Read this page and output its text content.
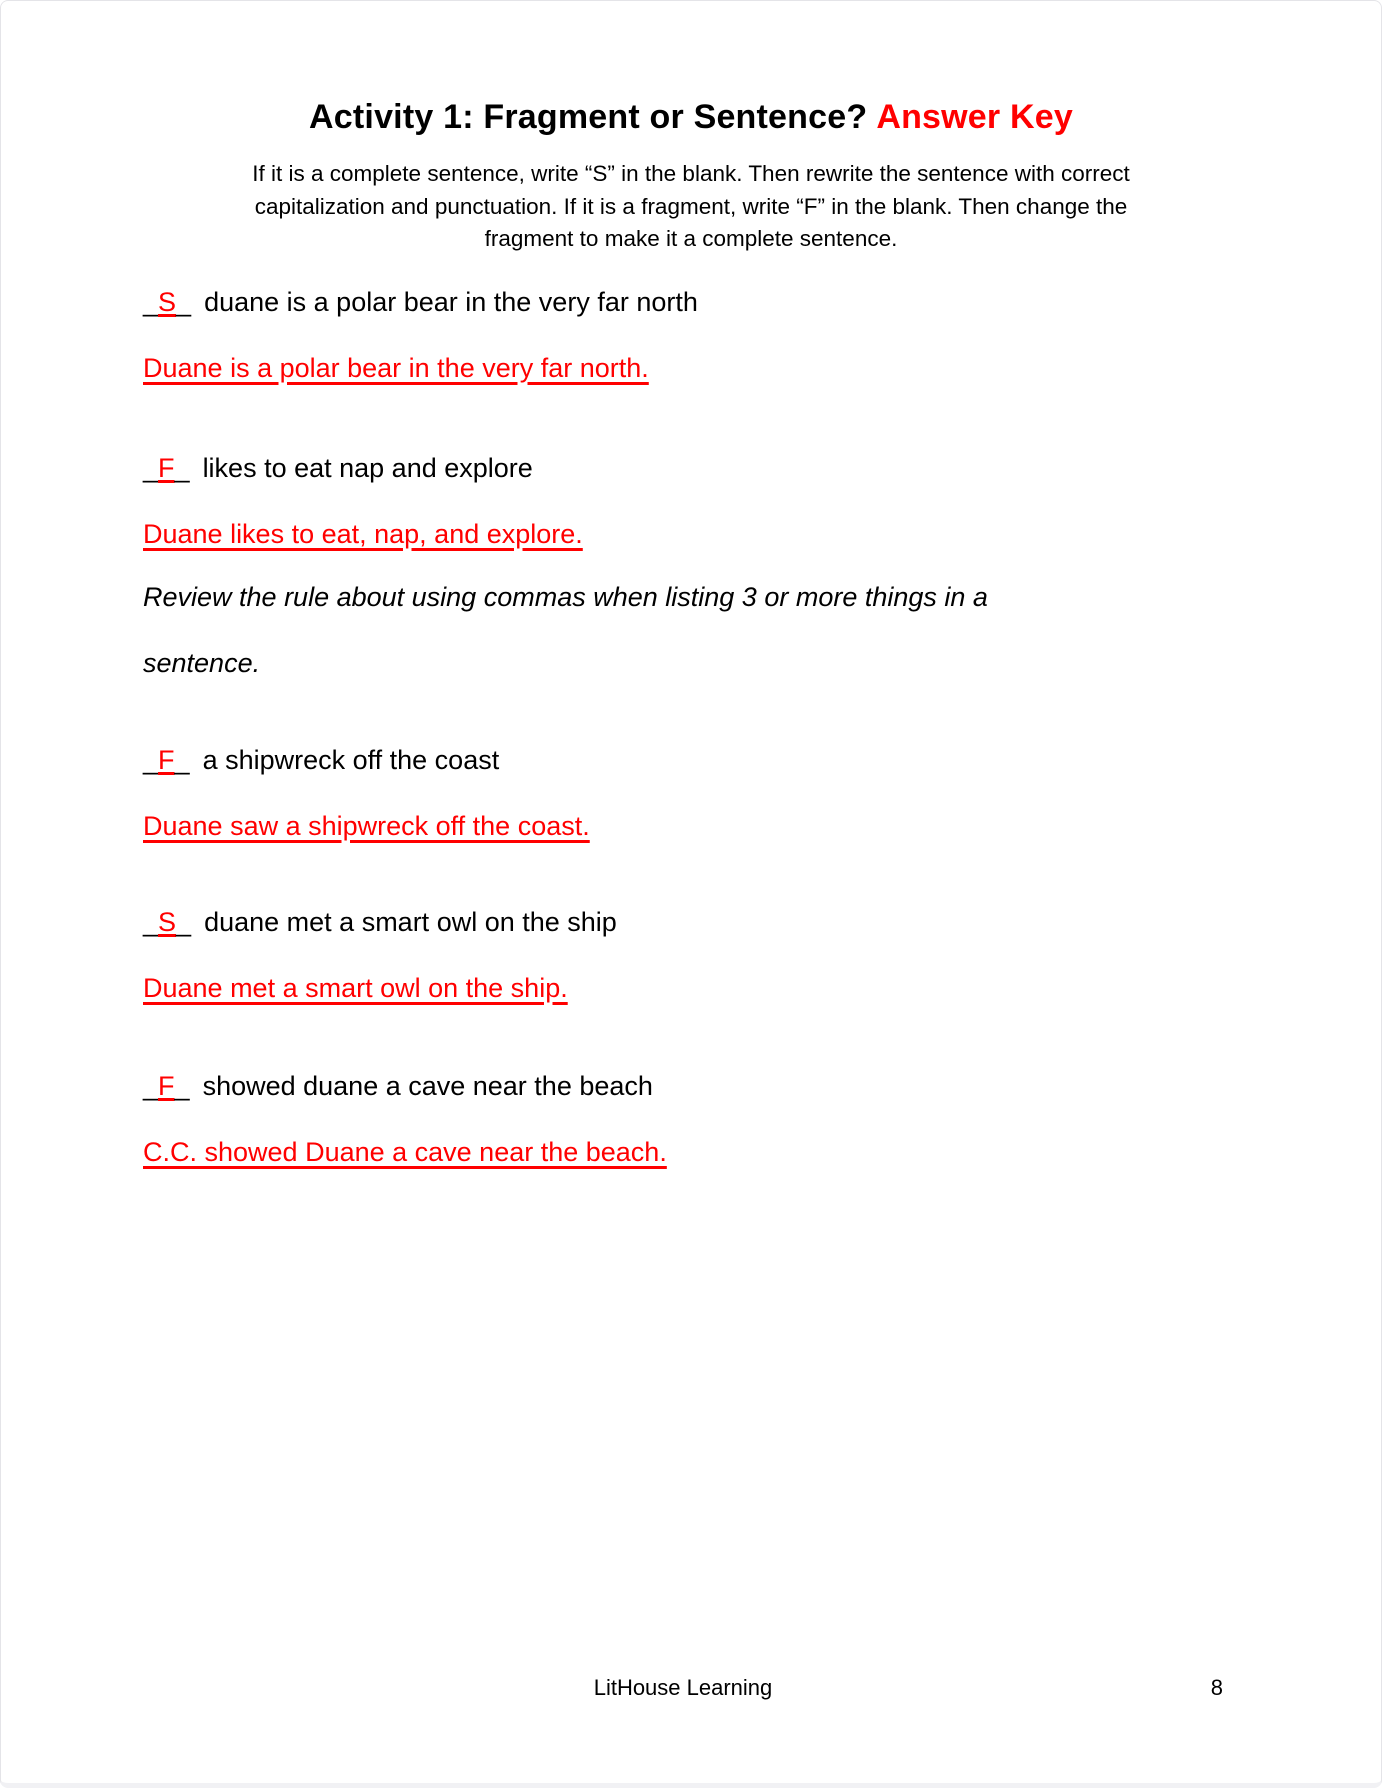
Activity 1: Fragment or Sentence? Answer Key

If it is a complete sentence, write “S” in the blank. Then rewrite the sentence with correct capitalization and punctuation. If it is a fragment, write “F” in the blank. Then change the fragment to make it a complete sentence.

_S_ duane is a polar bear in the very far north

Duane is a polar bear in the very far north.

_F_ likes to eat nap and explore

Duane likes to eat, nap, and explore.

Review the rule about using commas when listing 3 or more things in a sentence.

_F_ a shipwreck off the coast

Duane saw a shipwreck off the coast.

_S_ duane met a smart owl on the ship

Duane met a smart owl on the ship.

_F_ showed duane a cave near the beach

C.C. showed Duane a cave near the beach.

LitHouse Learning	8
